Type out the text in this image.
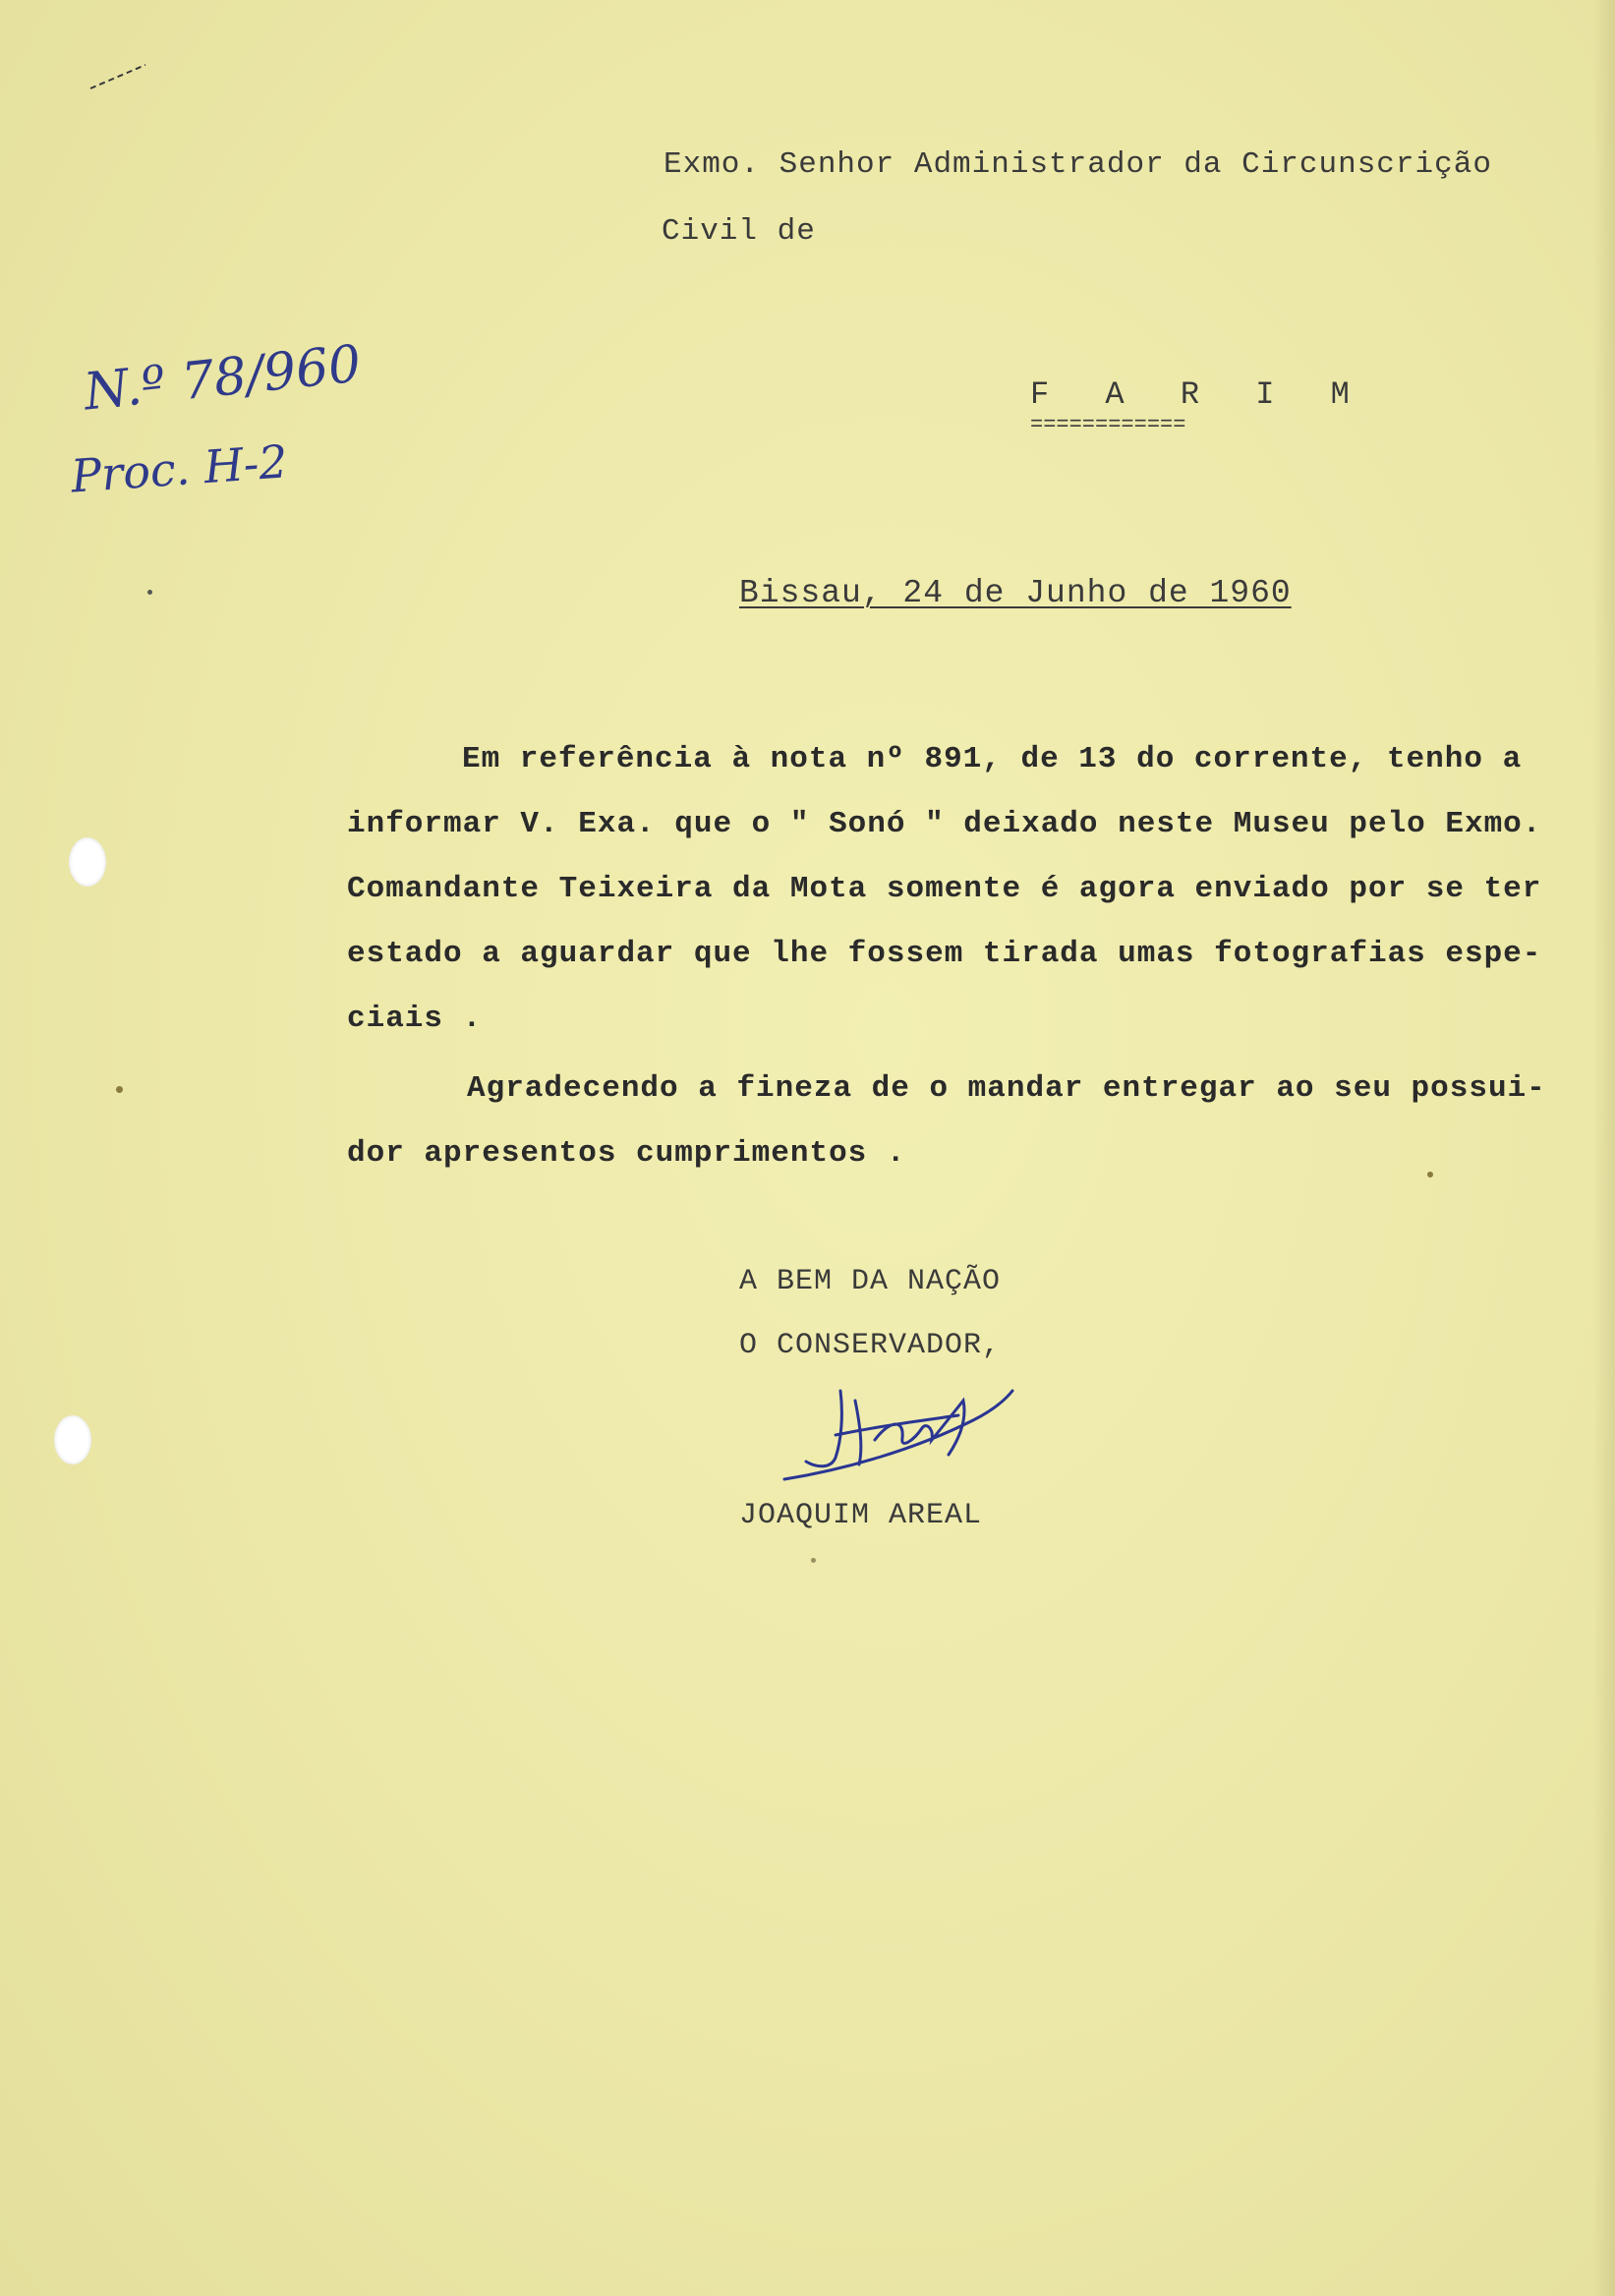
Exmo. Senhor Administrador da Circunscrição
Civil de
N.º 78/960
Proc. H-2
F A R I M
============
Bissau, 24 de Junho de 1960
Em referência à nota nº 891, de 13 do corrente, tenho a
informar V. Exa. que o " Sonó " deixado neste Museu pelo Exmo.
Comandante Teixeira da Mota somente é agora enviado por se ter
estado a aguardar que lhe fossem tirada umas fotografias espe-
ciais .
Agradecendo a fineza de o mandar entregar ao seu possui-
dor apresentos cumprimentos .
A BEM DA NAÇÃO
O CONSERVADOR,
JOAQUIM AREAL
